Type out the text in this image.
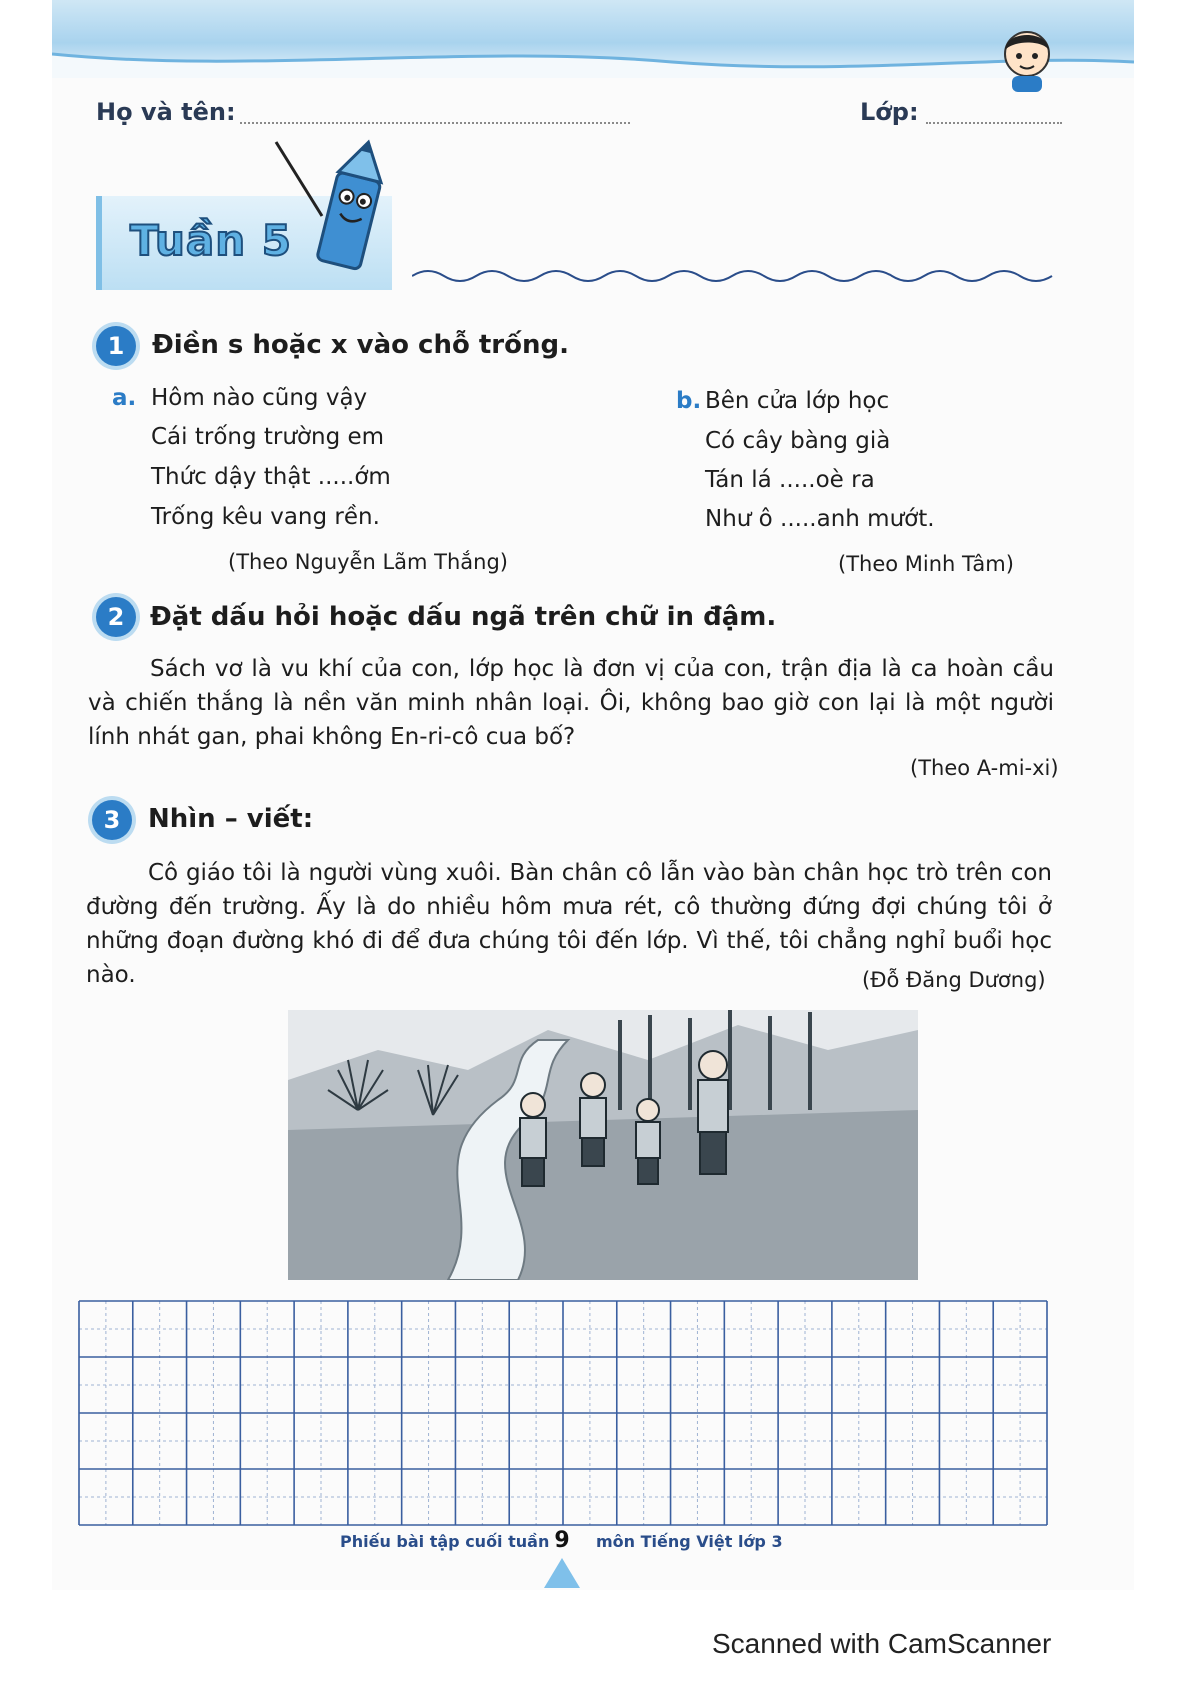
Họ và tên:	Lớp:
Tuần 5
1	Điền s hoặc x vào chỗ trống.
a. Hôm nào cũng vậy
Cái trống trường em
Thức dậy thật .....ớm
Trống kêu vang rền.
(Theo Nguyễn Lãm Thắng)
b. Bên cửa lớp học
Có cây bàng già
Tán lá .....oè ra
Như ô .....anh mướt.
(Theo Minh Tâm)
2 Đặt dấu hỏi hoặc dấu ngã trên chữ in đậm.
Sách vơ là vu khí của con, lớp học là đơn vị của con, trận địa là ca hoàn cầu và chiến thắng là nền văn minh nhân loại. Ôi, không bao giờ con lại là một người lính nhát gan, phai không En-ri-cô cua bố?
(Theo A-mi-xi)
3	Nhìn – viết:
Cô giáo tôi là người vùng xuôi. Bàn chân cô lẫn vào bàn chân học trò trên con đường đến trường. Ấy là do nhiều hôm mưa rét, cô thường đứng đợi chúng tôi ở những đoạn đường khó đi để đưa chúng tôi đến lớp. Vì thế, tôi chẳng nghỉ buổi học nào.	(Đỗ Đăng Dương)
Phiếu bài tập cuối tuần 9	môn Tiếng Việt lớp 3
Scanned with CamScanner
